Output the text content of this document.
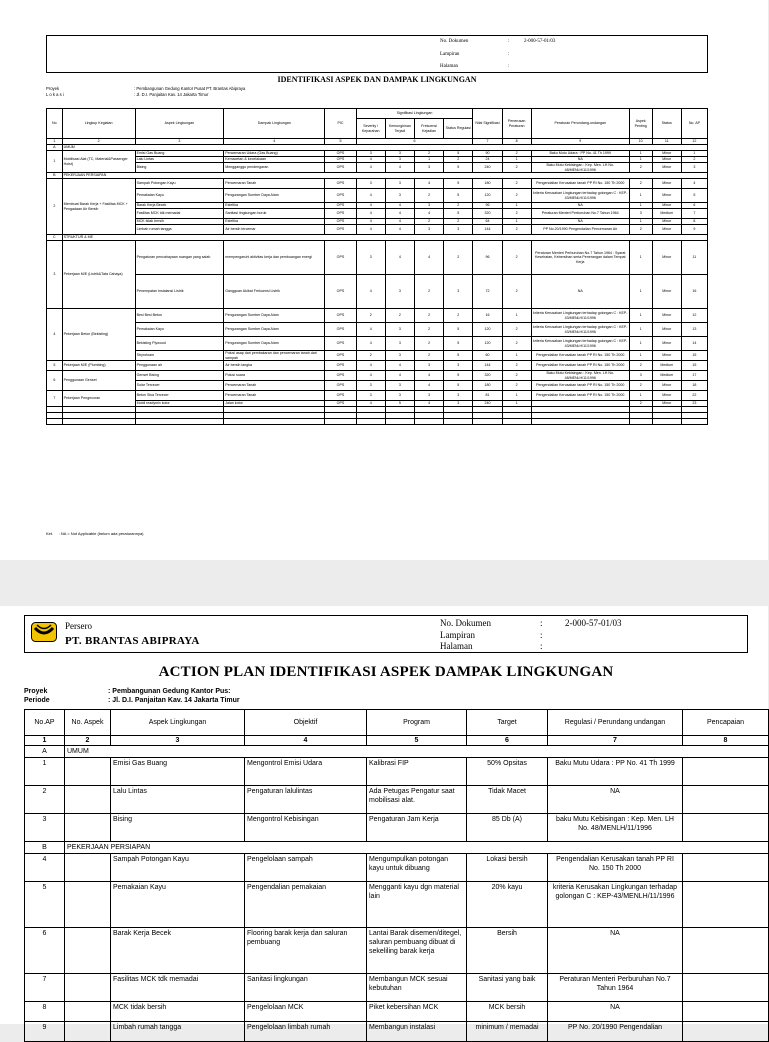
No. Dokumen	:	2-000-57-01/03
Lampiran	:
Halaman	:
IDENTIFIKASI ASPEK DAN DAMPAK LINGKUNGAN
Proyek	: Pembangunan Gedung Kantor Pusat PT. Brantas Abipraya
L o k a s i	: Jl. D.I. Panjaitan Kav. 14 Jakarta Timur
No	Lingkup Kegiatan	Aspek Lingkungan	Dampak Lingkungan	PIC	Signifikasi Lingkungan				Nilai Signifikasi	Penerusan Peraturan	Peraturan Perundang-undangan	Aspek Penting	Status	No. AP
					Severity / Keparahan	Kemungkinan Terjadi	Frekuensi Kejadian	Status Regulasi						
1	2	3	4	5	6				7	8	9	10	11	12
A	UMUM													
1	Mobilisasi Alat (TC, Material&Passenger Hoist)	Emisi Gas Buang	Pencemaran Udara (Gas Buang)	OPS	3	3	2	5	90	2	Baku Mutu Udara : PP No. 41 Th 1999	1	Minor	1
		Lalu Lintas	Kemacetan & kecelakaan	OPS	4	3	1	2	24	1	NA	1	Minor	2
		Bising	Mengganggu pendengaran	OPS	4	4	3	5	240	2	Baku Mutu Kebisingan : Kep. Men. LH No. 48/MENLH/11/1996	2	Minor	3
B	PEKERJAAN PERSIAPAN													
2	Membuat Barak Kerja + Fasilitas MCK + Pengadaan Air Bersih	Sampah Potongan Kayu	Pencemaran Tanah	OPS	3	3	4	5	180	2	Pengendalian Kerusakan tanah PP RI No. 150 Th 2000	2	Minor	4
		Pemakaian Kayu	Pengurangan Sumber Daya Alam	OPS	4	3	2	5	120	2	kriteria Kerusakan Lingkungan terhadap golongan C : KEP-43/MENLH/11/1996	1	Minor	5
		Barak Kerja Becek	Estetika	OPS	4	4	3	2	96	1	NA	1	Minor	6
		Fasilitas MCK tdk memadai	Sanitasi lingkungan buruk	OPS	4	4	4	5	320	2	Peraturan Menteri Perburuhan No.7 Tahun 1964	3	Medium	7
		MCK tidak bersih	Estetika	OPS	4	4	2	2	64	1	NA	1	Minor	8
		Limbah rumah tangga	Air bersih tercemar	OPS	4	4	3	3	144	2	PP No.20/1990 Pengendalian Pencemaran Air	2	Minor	9
C	STRUKTUR & ME													
3	Pekerjaan M/E (Listrik&Tata Cahaya)	Pengaturan pencahayaan ruangan yang salah	mempengaruhi aktivitas kerja dan pembuangan energi	OPS	3	4	4	2	96	2	Peraturan Menteri Perburuhan No.7 Tahun 1964 : Syarat Kesehatan, Kebersihan serta Penerangan dalam Tempat Kerja	1	Minor	11
		Penempatan Instalansi Listrik	Gangguan Akibat Frekuensi Listrik	OPS	4	3	2	3	72	2	NA	1	Minor	16
4	Pekerjaan Beton (Bekisting)	Besi Besi Beton	Pengurangan Sumber Daya Alam	OPS	2	2	2	2	16	1	kriteria Kerusakan Lingkungan terhadap golongan C : KEP-43/MENLH/11/1996	1	Minor	12
		Pemakaian Kayu	Pengurangan Sumber Daya Alam	OPS	4	3	2	5	120	2	kriteria Kerusakan Lingkungan terhadap golongan C : KEP-43/MENLH/11/1996	1	Minor	13
		Bekisting Plywood	Pengurangan Sumber Daya Alam	OPS	4	3	2	5	120	2	kriteria Kerusakan Lingkungan terhadap golongan C : KEP-43/MENLH/11/1996	1	Minor	14
		Stryrofoam	Polusi asap dari pembakaran dan pencemaran tanah dari sampah	OPS	2	3	2	5	60	1	Pengendalian Kerusakan tanah PP RI No. 150 Th 2000	1	Minor	15
5	Pekerjaan M/E (Plumbing)	Penggunaan air	Air bersih langka	OPS	4	4	3	3	144	2	Pengendalian Kerusakan tanah PP RI No. 150 Th 2000	2	Medium	15
6	Penggunaan Genset	Genset Bising	Polusi suara	OPS	4	4	4	5	320	2	Baku Mutu Kebisingan : Kep. Men. LH No. 48/MENLH/11/1996	3	Medium	17
		Solar Tercecer	Pencemaran Tanah	OPS	3	3	4	5	180	2	Pengendalian Kerusakan tanah PP RI No. 150 Th 2000	2	Minor	18
7	Pekerjaan Pengecoran	Beton Sisa Tercecer	Pencemaran Tanah	OPS	3	3	3	3	81	1	Pengendalian Kerusakan tanah PP RI No. 150 Th 2000	1	Minor	22
		Mobil readymix kotor	Jalan kotor	OPS	4	5	4	3	240	1		2	Minor	23

Ket. : NA = Not Applicable (belum ada peraturannya)
Persero
PT. BRANTAS ABIPRAYA
No. Dokumen	: 2-000-57-01/03
Lampiran	:
Halaman	:
ACTION PLAN IDENTIFIKASI ASPEK DAMPAK LINGKUNGAN
Proyek	: Pembangunan Gedung Kantor Pus:
Periode	: Jl. D.I. Panjaitan Kav. 14 Jakarta Timur
No.AP	No. Aspek	Aspek Lingkungan	Objektif	Program	Target	Regulasi / Perundang undangan	Pencapaian
1	2	3	4	5	6	7	8
A	UMUM						
1		Emisi Gas Buang	Mengontrol Emisi Udara	Kalibrasi FIP	50% Opsitas	Baku Mutu Udara : PP No. 41 Th 1999	
2		Lalu Lintas	Pengaturan lalulintas	Ada Petugas Pengatur saat mobilisasi alat.	Tidak Macet	NA	
3		Bising	Mengontrol Kebisingan	Pengaturan Jam Kerja	85 Db (A)	baku Mutu Kebisingan : Kep. Men. LH No. 48/MENLH/11/1996	
B	PEKERJAAN PERSIAPAN						
4		Sampah Potongan Kayu	Pengelolaan sampah	Mengumpulkan potongan kayu untuk dibuang	Lokasi bersih	Pengendalian Kerusakan tanah PP RI No. 150 Th 2000	
5		Pemakaian Kayu	Pengendalian pemakaian	Mengganti kayu dgn material lain	20% kayu	kriteria Kerusakan Lingkungan terhadap golongan C : KEP-43/MENLH/11/1996	
6		Barak Kerja Becek	Flooring barak kerja dan saluran pembuang	Lantai Barak disemen/ditegel, saluran pembuang dibuat di sekeliling barak kerja	Bersih	NA	
7		Fasilitas MCK tdk memadai	Sanitasi lingkungan	Membangun MCK sesuai kebutuhan	Sanitasi yang baik	Peraturan Menteri Perburuhan No.7 Tahun 1964	
8		MCK tidak bersih	Pengelolaan MCK	Piket kebersihan MCK	MCK bersih	NA	
9		Limbah rumah tangga	Pengelolaan limbah rumah	Membangun instalasi	minimum / memadai	PP No. 20/1990 Pengendalian	
